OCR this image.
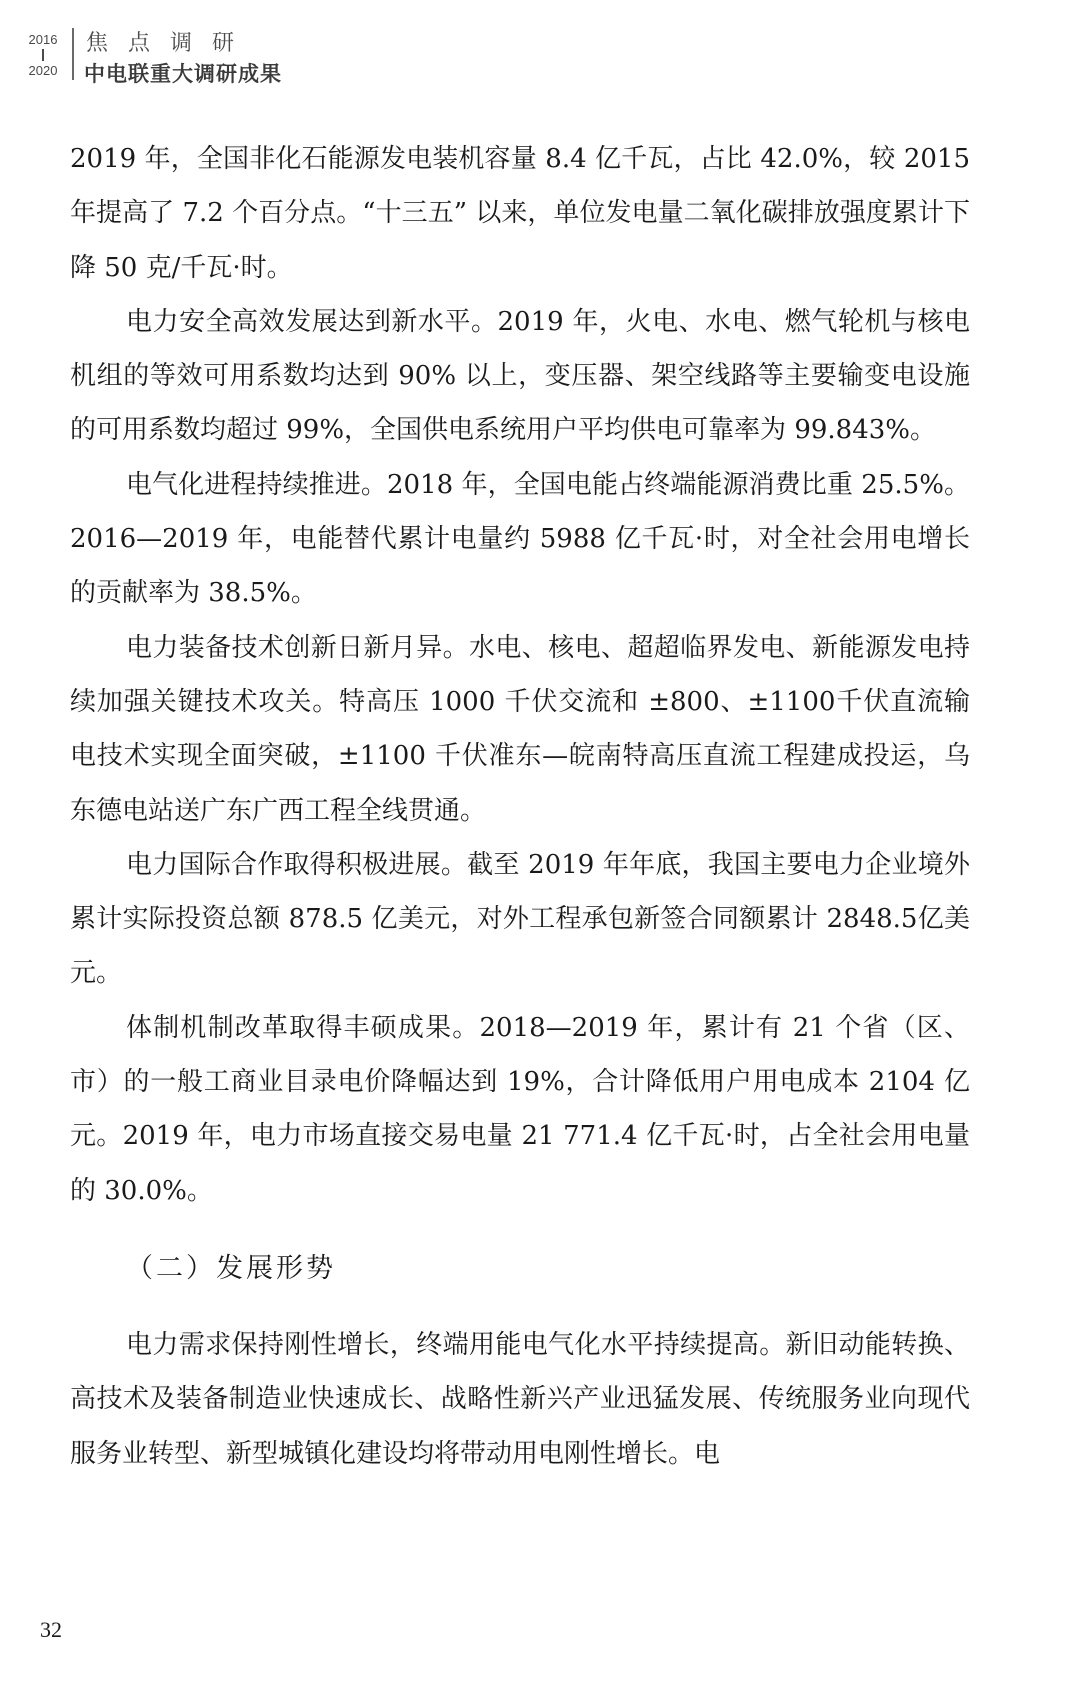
2016
2020
焦点调研
中电联重大调研成果

2019 年，全国非化石能源发电装机容量 8.4 亿千瓦，占比 42.0%，较 2015 年提高了 7.2 个百分点。“十三五” 以来，单位发电量二氧化碳排放强度累计下降 50 克/千瓦·时。

电力安全高效发展达到新水平。2019 年，火电、水电、燃气轮机与核电机组的等效可用系数均达到 90% 以上，变压器、架空线路等主要输变电设施的可用系数均超过 99%，全国供电系统用户平均供电可靠率为 99.843%。

电气化进程持续推进。2018 年，全国电能占终端能源消费比重 25.5%。2016—2019 年，电能替代累计电量约 5988 亿千瓦·时，对全社会用电增长的贡献率为 38.5%。

电力装备技术创新日新月异。水电、核电、超超临界发电、新能源发电持续加强关键技术攻关。特高压 1000 千伏交流和 ±800、±1100千伏直流输电技术实现全面突破，±1100 千伏准东—皖南特高压直流工程建成投运，乌东德电站送广东广西工程全线贯通。

电力国际合作取得积极进展。截至 2019 年年底，我国主要电力企业境外累计实际投资总额 878.5 亿美元，对外工程承包新签合同额累计 2848.5亿美元。

体制机制改革取得丰硕成果。2018—2019 年，累计有 21 个省（区、市）的一般工商业目录电价降幅达到 19%，合计降低用户用电成本 2104 亿元。2019 年，电力市场直接交易电量 21 771.4 亿千瓦·时，占全社会用电量的 30.0%。

（二）发展形势

电力需求保持刚性增长，终端用能电气化水平持续提高。新旧动能转换、高技术及装备制造业快速成长、战略性新兴产业迅猛发展、传统服务业向现代服务业转型、新型城镇化建设均将带动用电刚性增长。电

32
